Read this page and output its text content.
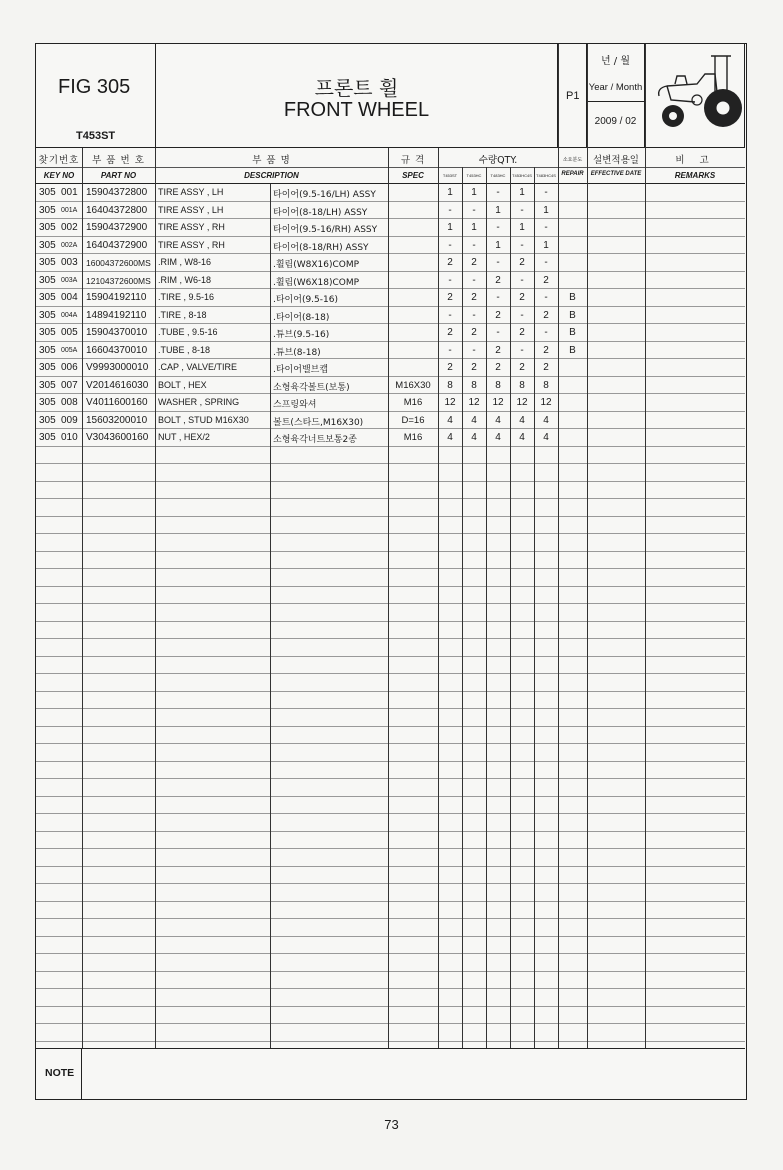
FIG 305
T453ST
프론트 휠
FRONT WHEEL
P1
년 / 월
Year / Month
2009 / 02
찾기번호
KEY NO
부 품 번 호
PART NO
부 품 명
DESCRIPTION
규 격
SPEC
수량QTY.
T453ST	T453HC	T483HC	T453HC4S	T483HC4S
소요분도
REPAIR
설변적용일
EFFECTIVE DATE
비 고
REMARKS
305 001 15904372800 TIRE ASSY , LH	타이어(9.5-16/LH) ASSY	1	1	-	1	-
305 001A 16404372800 TIRE ASSY , LH	타이어(8-18/LH) ASSY	-	-	1	-	1
305 002 15904372900 TIRE ASSY , RH	타이어(9.5-16/RH) ASSY	1	1	-	1	-
305 002A 16404372900 TIRE ASSY , RH	타이어(8-18/RH) ASSY	-	-	1	-	1
305 003 16004372600MS .RIM , W8-16	.휠림(W8X16)COMP	2	2	-	2	-
305 003A 12104372600MS .RIM , W6-18	.휠림(W6X18)COMP	-	-	2	-	2
305 004 15904192110 .TIRE , 9.5-16	.타이어(9.5-16)	2	2	-	2	-	B
305 004A 14894192110 .TIRE , 8-18	.타이어(8-18)	-	-	2	-	2	B
305 005 15904370010 .TUBE , 9.5-16	.튜브(9.5-16)	2	2	-	2	-	B
305 005A 16604370010 .TUBE , 8-18	.튜브(8-18)	-	-	2	-	2	B
305 006 V9993000010 .CAP , VALVE/TIRE	.타이어밸브캡	2	2	2	2	2
305 007 V2014616030 BOLT , HEX	소형육각볼트(보통)	M16X30	8	8	8	8	8
305 008 V4011600160 WASHER , SPRING	스프링와셔	M16	12	12	12	12	12
305 009 15603200010 BOLT , STUD M16X30	볼트(스타드,M16X30)	D=16	4	4	4	4	4
305 010 V3043600160 NUT , HEX/2	소형육각너트보통2종	M16	4	4	4	4	4
NOTE
73
